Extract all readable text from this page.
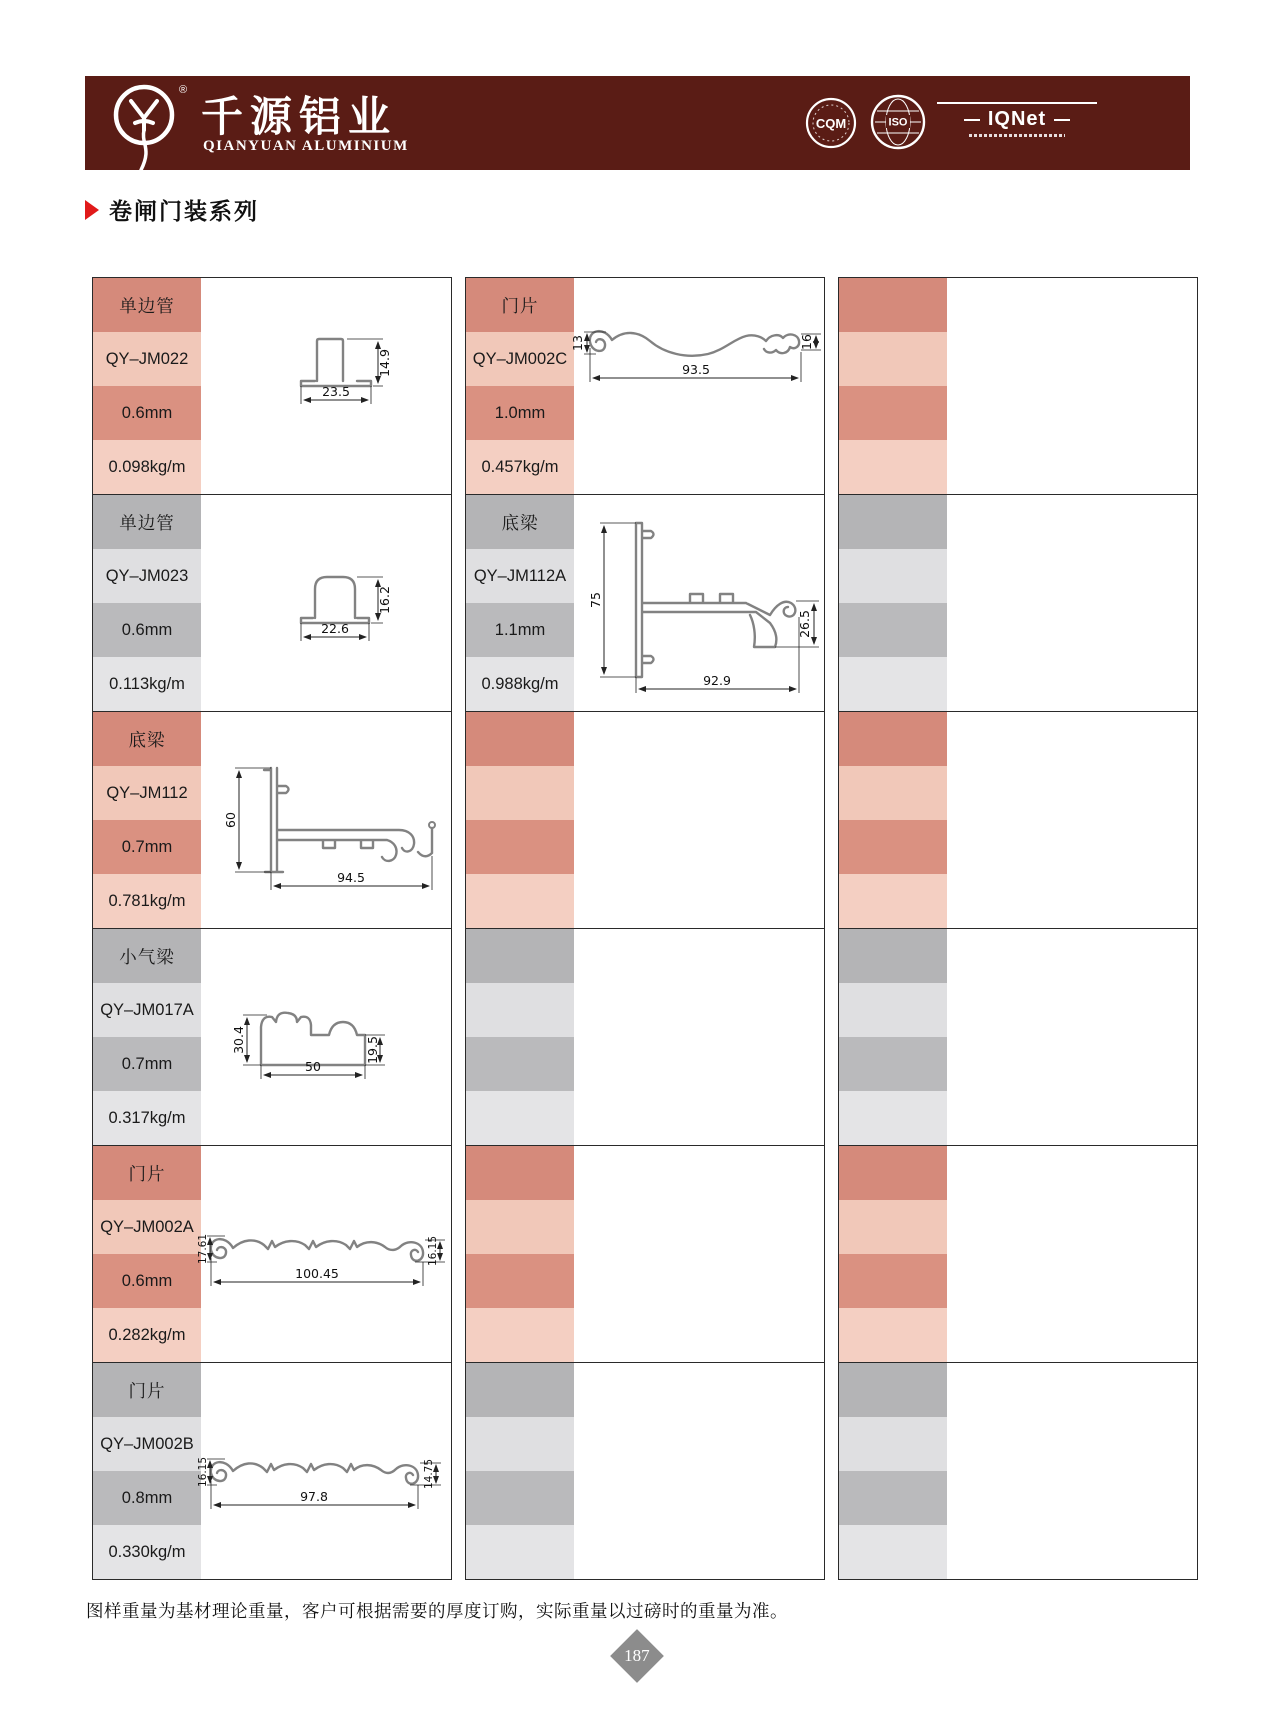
®
千源铝业
QIANYUAN ALUMINIUM
CQM	ISO	IQNet
卷闸门装系列
单边管
QY–JM022
0.6mm
0.098kg/m
14.9
23.5
单边管
QY–JM023
0.6mm
0.113kg/m
16.2
22.6
底梁
QY–JM112
0.7mm
0.781kg/m
60
94.5
小气梁
QY–JM017A
0.7mm
0.317kg/m
30.4	19.5
50
门片
QY–JM002A
0.6mm
0.282kg/m
17.61	16.15
100.45
门片
QY–JM002B
0.8mm
0.330kg/m
16.15	14.75
97.8
门片
QY–JM002C
1.0mm
0.457kg/m
13	16
93.5
底梁
QY–JM112A
1.1mm
0.988kg/m
75
26.5
92.9
图样重量为基材理论重量，客户可根据需要的厚度订购，实际重量以过磅时的重量为准。
187
